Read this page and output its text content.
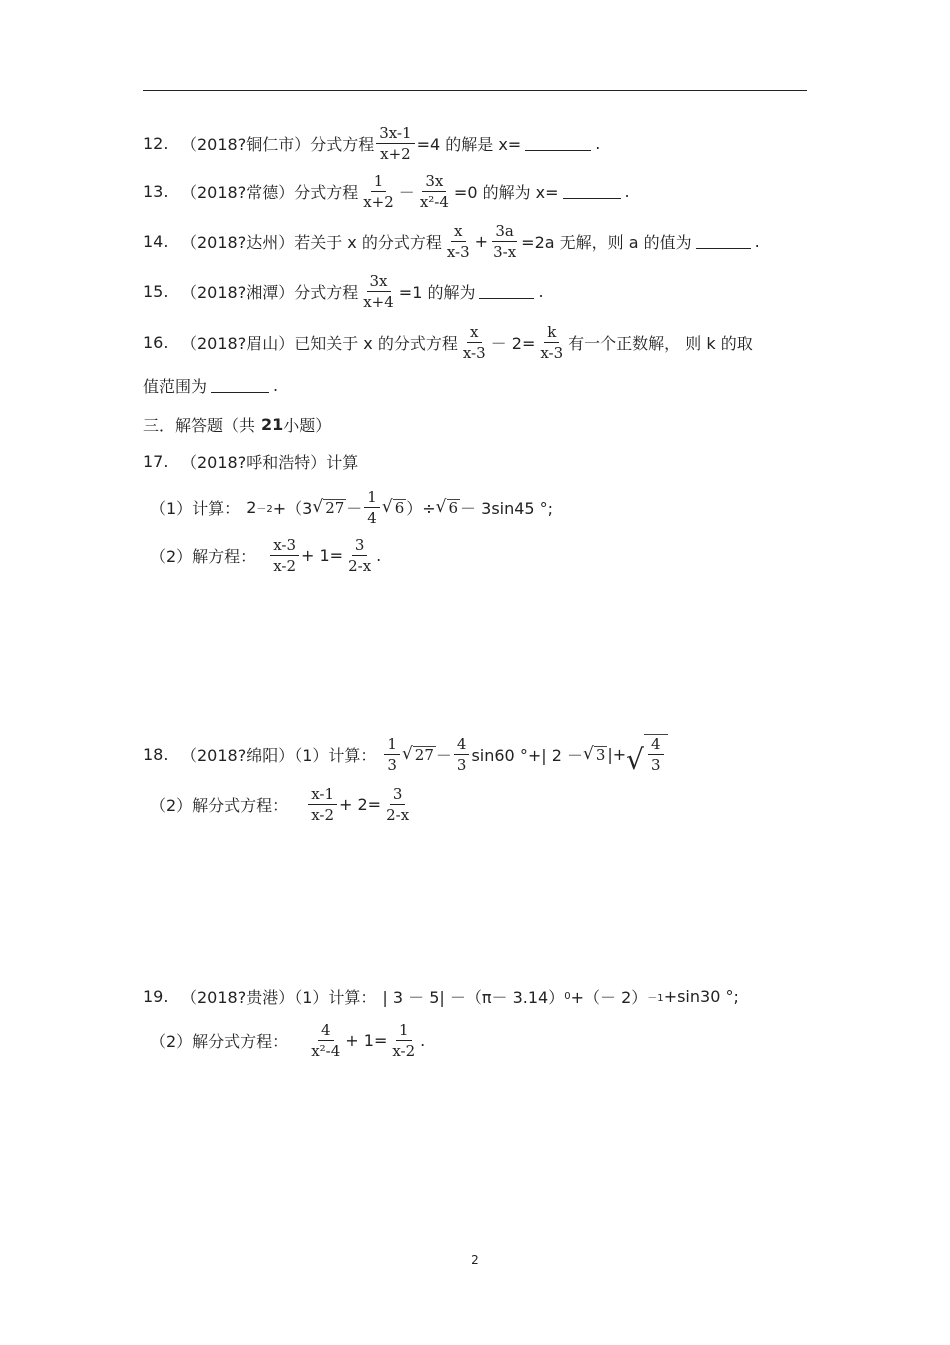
12. （2018?铜仁市）分式方程 $\frac{3x-1}{x+2} =4$ 的解是 x=	.
13. （2018?常德）分式方程 $\frac{1}{x+2} - \frac{3x}{\text{x²-4}} =0$ 的解为 x=	.
14. （2018?达州）若关于 x 的分式方程 $\frac{x}{x-3} + \frac{3a}{3-x} =2a$ 无解，则 a 的值为	.
15. （2018?湘潭）分式方程 $\frac{3x}{x+4} =1$ 的解为	.
16. （2018?眉山）已知关于 x 的分式方程 $\frac{x}{x-3} - 2= \frac{k}{x-3}$ 有一个正数解， 则 k 的取
值范围为	.
三．解答题（共 21 小题）
17. （2018?呼和浩特）计算
（1）计算： 2 －2 +（3 √ $27 - \frac{1}{4}$ √ 6 ）÷ √ 6 － 3sin45 °;
（2）解方程： $\frac{x-3}{x-2} + 1= \frac{3}{2-x}$ .
18. （2018?绵阳）（1）计算： $\frac{1}{3}$ √ $27 - \frac{4}{3} \sin 60$ °+| 2 － √ 3 |+ √ $\frac{4}{3}$
（2）解分式方程： $\frac{x-1}{x-2} + 2= \frac{3}{2-x}$
19. （2018?贵港）（1）计算： | 3 － 5| －（π－ 3.14） 0 +（－ 2） －1 +sin30 °;
（2）解分式方程： $\frac{4}{\text{x²-4}} + 1= \frac{1}{x-2}$ .
2
